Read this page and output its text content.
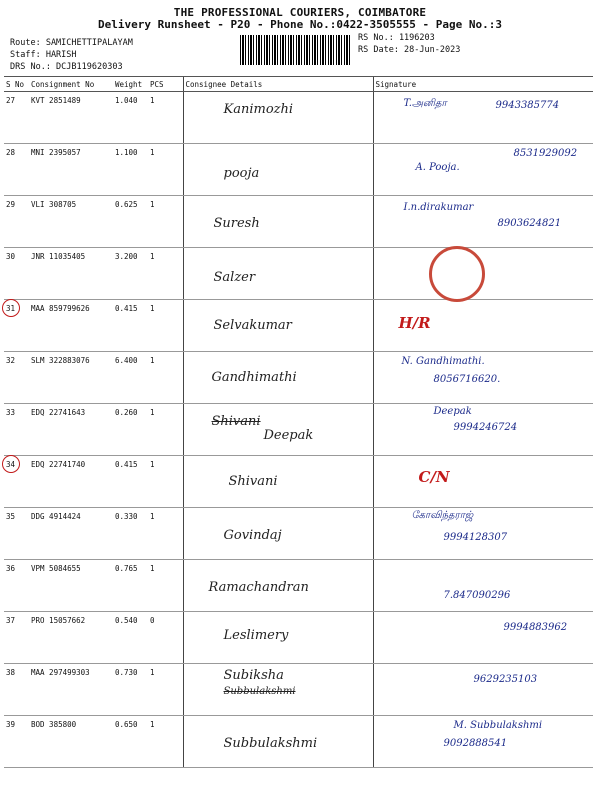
THE PROFESSIONAL COURIERS, COIMBATORE
Delivery Runsheet - P20 - Phone No.:0422-3505555 - Page No.:3
Route: SAMICHETTIPALAYAM
Staff: HARISH
DRS No.: DCJB119620303
RS No.: 1196203
RS Date: 28-Jun-2023
S No	Consignment No	Weight	PCS	Consignee Details	Signature
27	KVT 2851489	1.040	1	Kanimozhi	T.அனிதா 9943385774

28	MNI 2395057	1.100	1	pooja	A. Pooja.
8531929092

29	VLI 308705	0.625	1	Suresh	I.n.dirakumar
8903624821

30	JNR 11035405	3.200	1	Salzer	

31	MAA 859799626	0.415	1	Selvakumar	H/R

32	SLM 322883076	6.400	1	Gandhimathi	N. Gandhimathi.
8056716620.

33	EDQ 22741643	0.260	1	Shivani
Deepak	Deepak
9994246724

34	EDQ 22741740	0.415	1	Shivani	C/N

35	DDG 4914424	0.330	1	Govindaj	கோவிந்தராஜ்
9994128307

36	VPM 5084655	0.765	1	Ramachandran	7.847090296

37	PRO 15057662	0.540	0	Leslimery	9994883962

38	MAA 297499303	0.730	1	Subiksha
Subbulakshmi	9629235103

39	BOD 385800	0.650	1	Subbulakshmi	M. Subbulakshmi
9092888541
